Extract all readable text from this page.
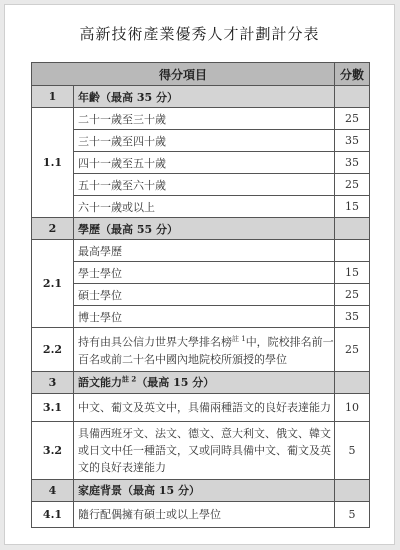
高新技術產業優秀人才計劃計分表
得分項目		分數
1	年齡（最高 35 分）	
1.1	二十一歲至三十歲	25
	三十一歲至四十歲	35
	四十一歲至五十歲	35
	五十一歲至六十歲	25
	六十一歲或以上	15
2	學歷（最高 55 分）	
2.1	最高學歷	
	學士學位	15
	碩士學位	25
	博士學位	35
2.2	持有由具公信力世界大學排名榜$^{註 1}$中，院校排名前一百名或前二十名中國內地院校所頒授的學位	25
3	語文能力$^{註 2}$（最高 15 分）	
3.1	中文、葡文及英文中，具備兩種語文的良好表達能力	10
3.2	具備西班牙文、法文、德文、意大利文、俄文、韓文或日文中任一種語文，又或同時具備中文、葡文及英文的良好表達能力	5
4	家庭背景（最高 15 分）	
4.1	隨行配偶擁有碩士或以上學位	5
